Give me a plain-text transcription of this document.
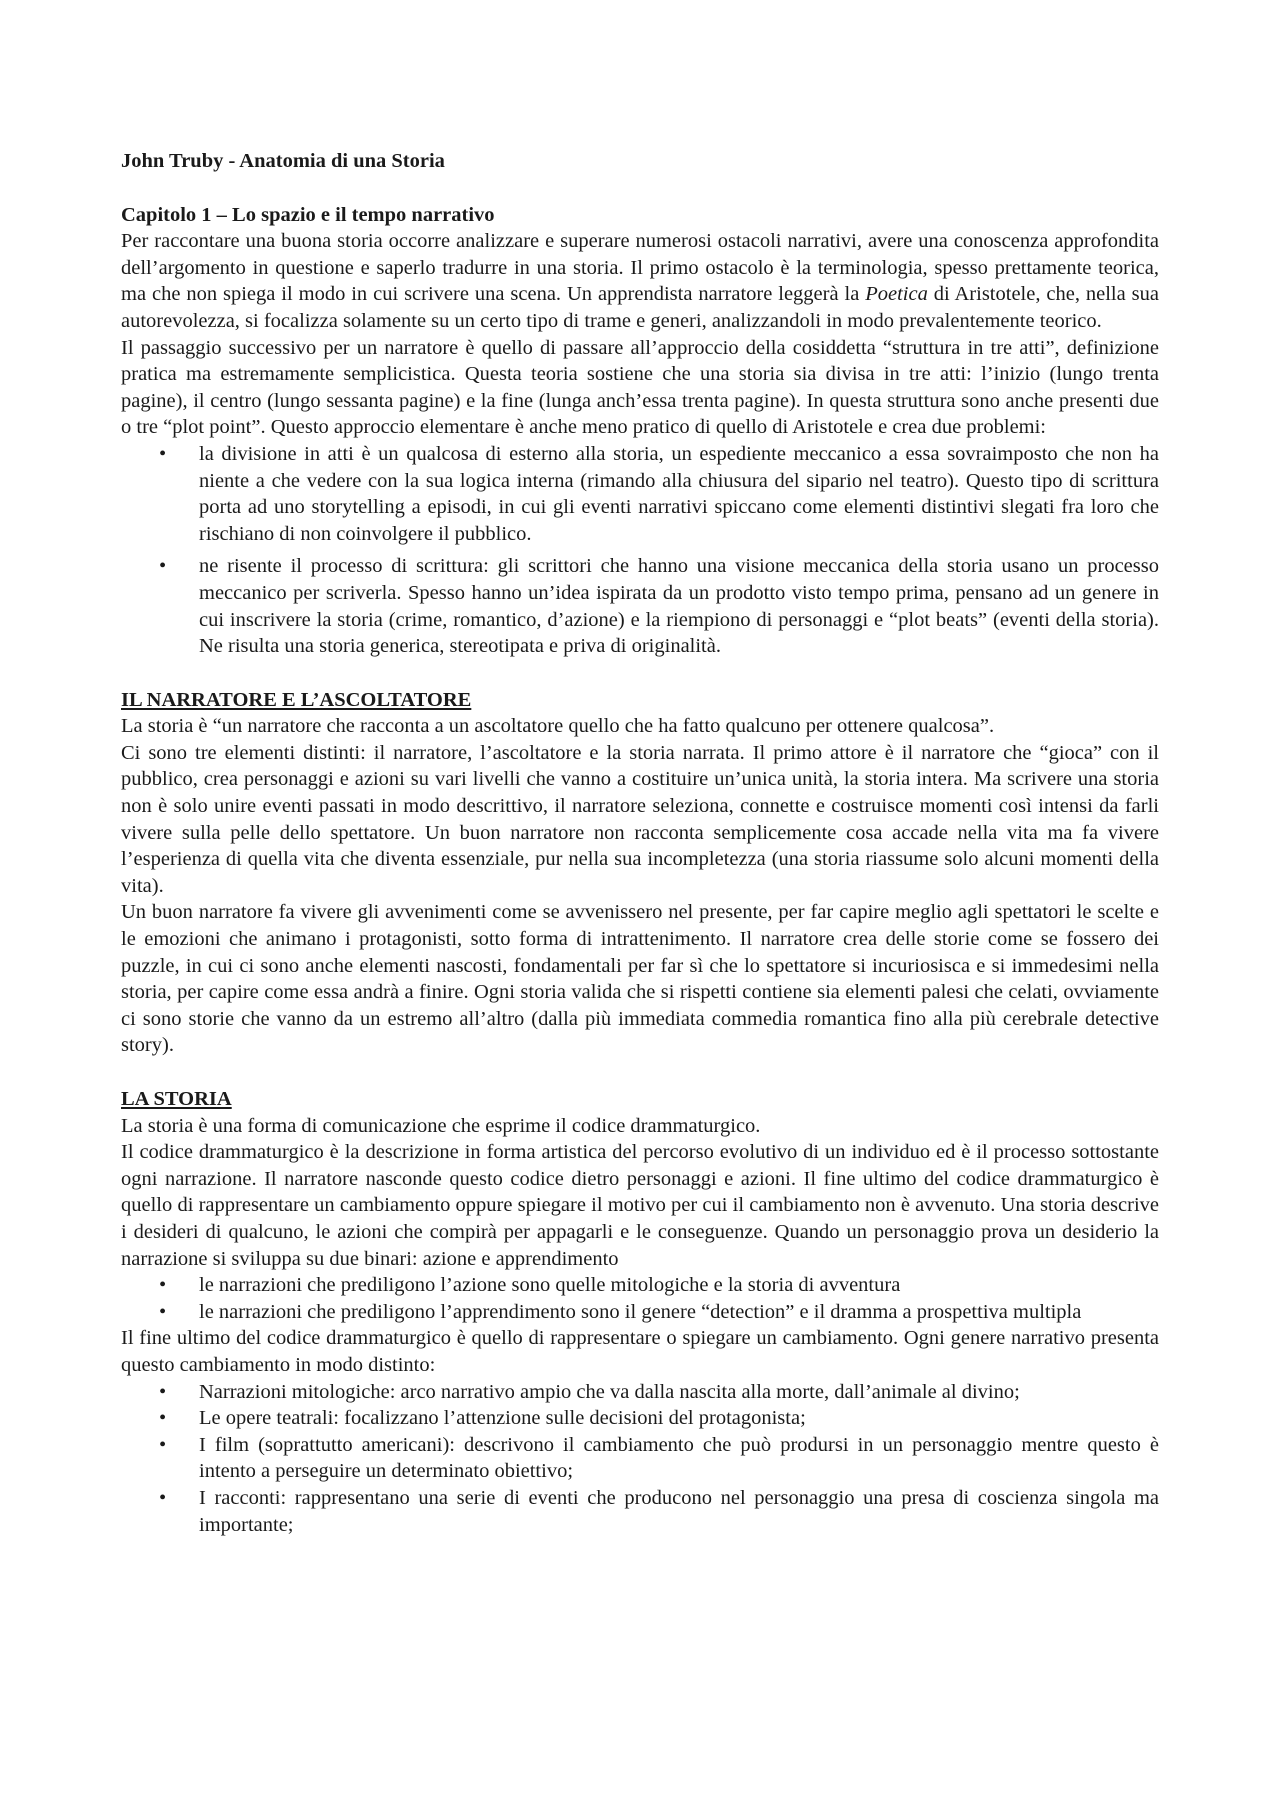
John Truby - Anatomia di una Storia

Capitolo 1 – Lo spazio e il tempo narrativo

Per raccontare una buona storia occorre analizzare e superare numerosi ostacoli narrativi, avere una conoscenza approfondita dell’argomento in questione e saperlo tradurre in una storia. Il primo ostacolo è la terminologia, spesso prettamente teorica, ma che non spiega il modo in cui scrivere una scena. Un apprendista narratore leggerà la Poetica di Aristotele, che, nella sua autorevolezza, si focalizza solamente su un certo tipo di trame e generi, analizzandoli in modo prevalentemente teorico.

Il passaggio successivo per un narratore è quello di passare all’approccio della cosiddetta “struttura in tre atti”, definizione pratica ma estremamente semplicistica. Questa teoria sostiene che una storia sia divisa in tre atti: l’inizio (lungo trenta pagine), il centro (lungo sessanta pagine) e la fine (lunga anch’essa trenta pagine). In questa struttura sono anche presenti due o tre “plot point”. Questo approccio elementare è anche meno pratico di quello di Aristotele e crea due problemi:

• la divisione in atti è un qualcosa di esterno alla storia, un espediente meccanico a essa sovraimposto che non ha niente a che vedere con la sua logica interna (rimando alla chiusura del sipario nel teatro). Questo tipo di scrittura porta ad uno storytelling a episodi, in cui gli eventi narrativi spiccano come elementi distintivi slegati fra loro che rischiano di non coinvolgere il pubblico.
• ne risente il processo di scrittura: gli scrittori che hanno una visione meccanica della storia usano un processo meccanico per scriverla. Spesso hanno un’idea ispirata da un prodotto visto tempo prima, pensano ad un genere in cui inscrivere la storia (crime, romantico, d’azione) e la riempiono di personaggi e “plot beats” (eventi della storia). Ne risulta una storia generica, stereotipata e priva di originalità.

IL NARRATORE E L’ASCOLTATORE

La storia è “un narratore che racconta a un ascoltatore quello che ha fatto qualcuno per ottenere qualcosa”.

Ci sono tre elementi distinti: il narratore, l’ascoltatore e la storia narrata. Il primo attore è il narratore che “gioca” con il pubblico, crea personaggi e azioni su vari livelli che vanno a costituire un’unica unità, la storia intera. Ma scrivere una storia non è solo unire eventi passati in modo descrittivo, il narratore seleziona, connette e costruisce momenti così intensi da farli vivere sulla pelle dello spettatore. Un buon narratore non racconta semplicemente cosa accade nella vita ma fa vivere l’esperienza di quella vita che diventa essenziale, pur nella sua incompletezza (una storia riassume solo alcuni momenti della vita).

Un buon narratore fa vivere gli avvenimenti come se avvenissero nel presente, per far capire meglio agli spettatori le scelte e le emozioni che animano i protagonisti, sotto forma di intrattenimento. Il narratore crea delle storie come se fossero dei puzzle, in cui ci sono anche elementi nascosti, fondamentali per far sì che lo spettatore si incuriosisca e si immedesimi nella storia, per capire come essa andrà a finire. Ogni storia valida che si rispetti contiene sia elementi palesi che celati, ovviamente ci sono storie che vanno da un estremo all’altro (dalla più immediata commedia romantica fino alla più cerebrale detective story).

LA STORIA

La storia è una forma di comunicazione che esprime il codice drammaturgico.

Il codice drammaturgico è la descrizione in forma artistica del percorso evolutivo di un individuo ed è il processo sottostante ogni narrazione. Il narratore nasconde questo codice dietro personaggi e azioni. Il fine ultimo del codice drammaturgico è quello di rappresentare un cambiamento oppure spiegare il motivo per cui il cambiamento non è avvenuto. Una storia descrive i desideri di qualcuno, le azioni che compirà per appagarli e le conseguenze. Quando un personaggio prova un desiderio la narrazione si sviluppa su due binari: azione e apprendimento

• le narrazioni che prediligono l’azione sono quelle mitologiche e la storia di avventura
• le narrazioni che prediligono l’apprendimento sono il genere “detection” e il dramma a prospettiva multipla

Il fine ultimo del codice drammaturgico è quello di rappresentare o spiegare un cambiamento. Ogni genere narrativo presenta questo cambiamento in modo distinto:

• Narrazioni mitologiche: arco narrativo ampio che va dalla nascita alla morte, dall’animale al divino;
• Le opere teatrali: focalizzano l’attenzione sulle decisioni del protagonista;
• I film (soprattutto americani): descrivono il cambiamento che può prodursi in un personaggio mentre questo è intento a perseguire un determinato obiettivo;
• I racconti: rappresentano una serie di eventi che producono nel personaggio una presa di coscienza singola ma importante;
